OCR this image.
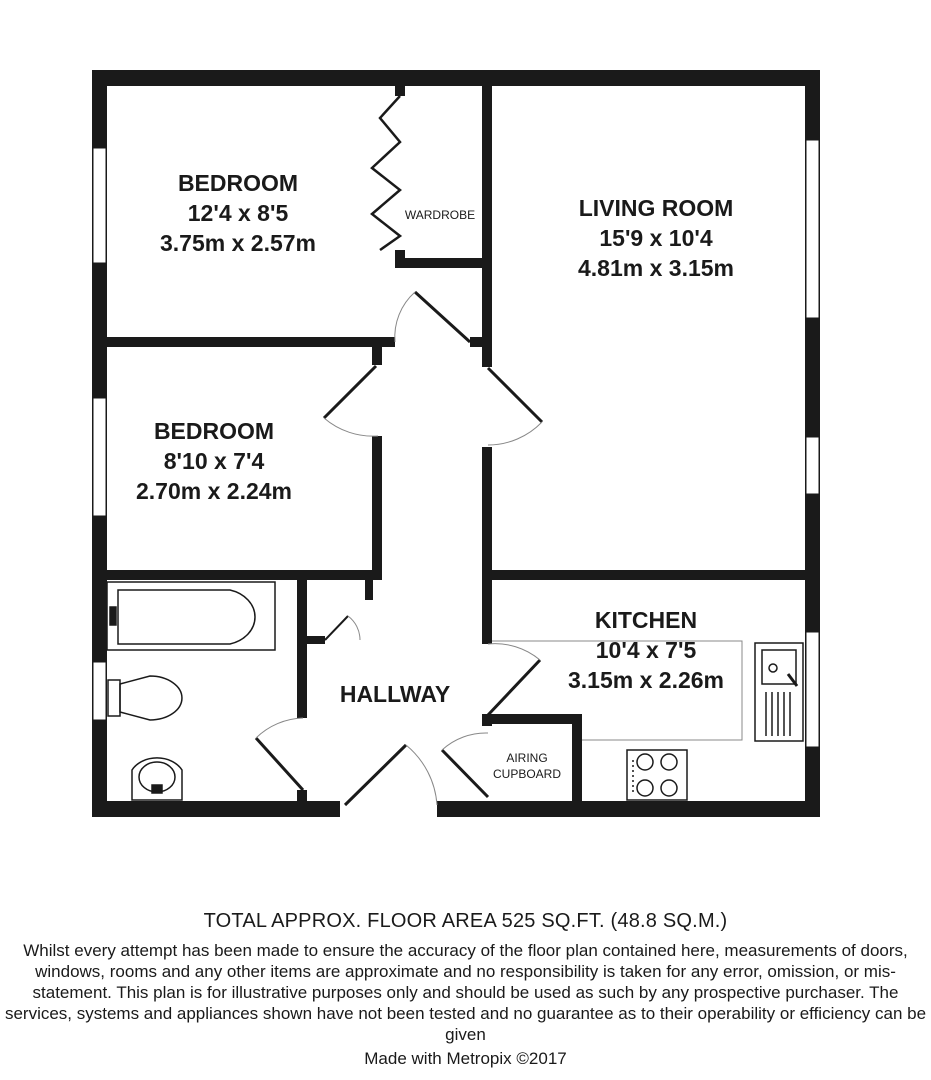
BEDROOM
12'4 x 8'5
3.75m x 2.57m
WARDROBE	LIVING ROOM
15'9 x 10'4
4.81m x 3.15m
BEDROOM
8'10 x 7'4
2.70m x 2.24m
KITCHEN
10'4 x 7'5
3.15m x 2.26m
HALLWAY
AIRING
CUPBOARD
TOTAL APPROX. FLOOR AREA 525 SQ.FT. (48.8 SQ.M.)
Whilst every attempt has been made to ensure the accuracy of the floor plan contained here, measurements of doors, windows, rooms and any other items are approximate and no responsibility is taken for any error, omission, or mis-statement. This plan is for illustrative purposes only and should be used as such by any prospective purchaser. The services, systems and appliances shown have not been tested and no guarantee as to their operability or efficiency can be given
Made with Metropix ©2017
